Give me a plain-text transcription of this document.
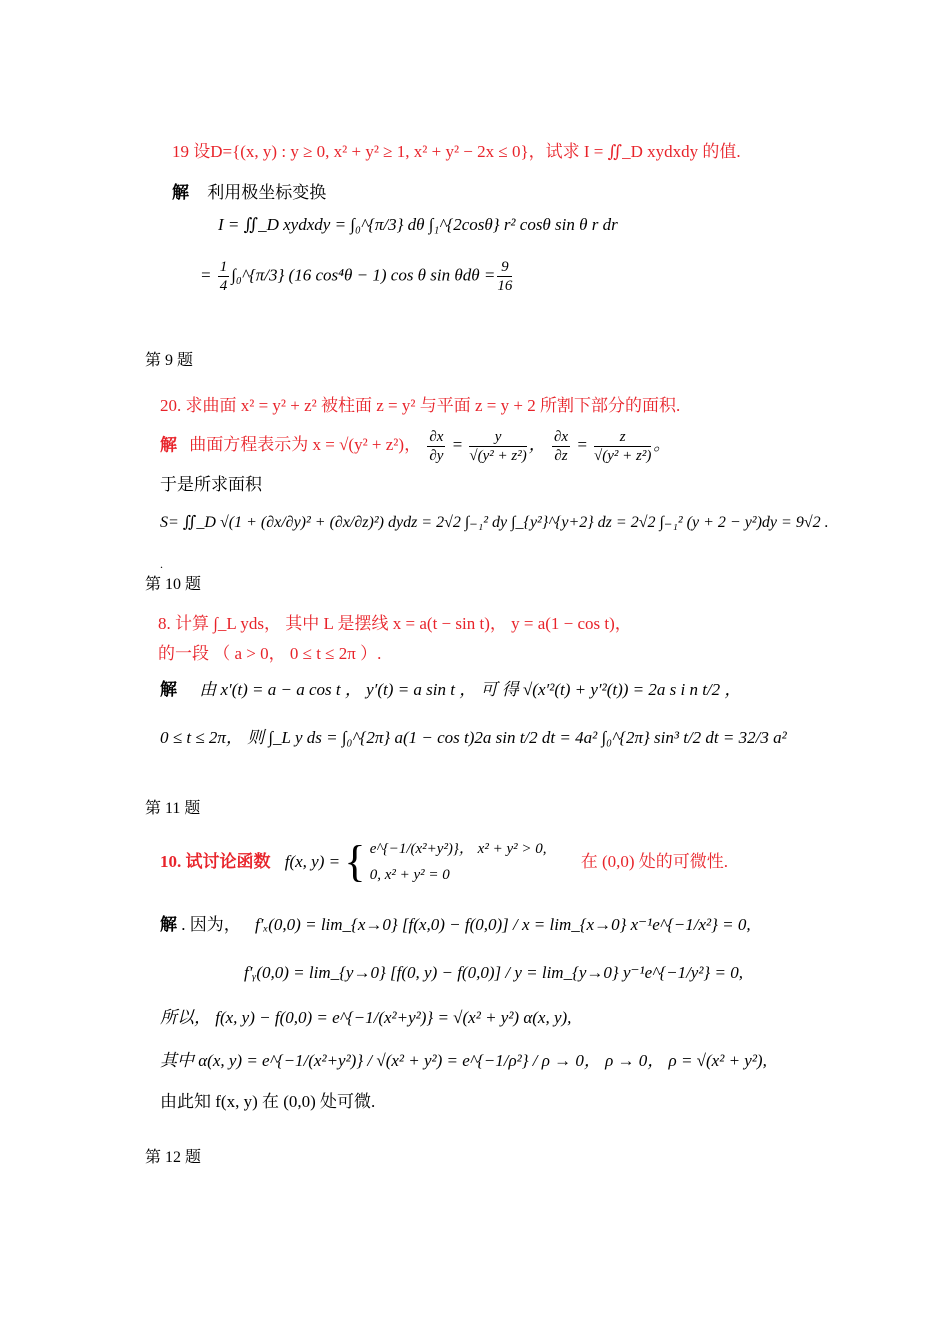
19 设D={(x, y) : y ≥ 0, x² + y² ≥ 1, x² + y² − 2x ≤ 0}，试求 I = ∬_D xydxdy 的值.
解 利用极坐标变换
I = ∬_D xydxdy = ∫₀^{π/3} dθ ∫₁^{2cosθ} r² cosθ sin θ r dr
= $\frac{1}{4}$ ∫₀^{π/3} (16 cos⁴θ − 1) cos θ $\sin \theta d\theta = \frac{9}{16}$
第 9 题
20. 求曲面 x² = y² + z² 被柱面 z = y² 与平面 z = y + 2 所割下部分的面积.
解 曲面方程表示为 x = √(y² + z²)， $\frac{\partial x}{\partial y} = \frac{y}{\text{√(y² + z²)}}$ ， $\frac{\partial x}{\partial z} = \frac{z}{\text{√(y² + z²)}}$ 。
于是所求面积
S= ∬_D √(1 + (∂x/∂y)² + (∂x/∂z)²) dydz = 2√2 ∫₋₁² dy ∫_{y²}^{y+2} dz = 2√2 ∫₋₁² (y + 2 − y²)dy = 9√2 .
.
第 10 题
8. 计算 ∫_L yds， 其中 L 是摆线 x = a(t − sin t)， y = a(1 − cos t)，
的一段 （ a > 0， 0 ≤ t ≤ 2π ）.
解 由 x′(t) = a − a cos t ， y′(t) = a sin t ， 可 得 √(x′²(t) + y′²(t)) = 2a s i n t/2 ，
0 ≤ t ≤ 2π， 则 ∫_L y ds = ∫₀^{2π} a(1 − cos t)2a sin t/2 dt = 4a² ∫₀^{2π} sin³ t/2 dt = 32/3 a²
第 11 题
10. 试讨论函数 f(x, y) = { e^{−1/(x²+y²)}， x² + y² > 0,
0, x² + y² = 0
在 (0,0) 处的可微性.
解 . 因为， f′ₓ(0,0) = lim_{x→0} [f(x,0) − f(0,0)] / x = lim_{x→0} x⁻¹e^{−1/x²} = 0,
f′ᵧ(0,0) = lim_{y→0} [f(0, y) − f(0,0)] / y = lim_{y→0} y⁻¹e^{−1/y²} = 0,
所以， f(x, y) − f(0,0) = e^{−1/(x²+y²)} = √(x² + y²) α(x, y),
其中 α(x, y) = e^{−1/(x²+y²)} / √(x² + y²) = e^{−1/ρ²} / ρ → 0， ρ → 0， ρ = √(x² + y²),
由此知 f(x, y) 在 (0,0) 处可微.
第 12 题
